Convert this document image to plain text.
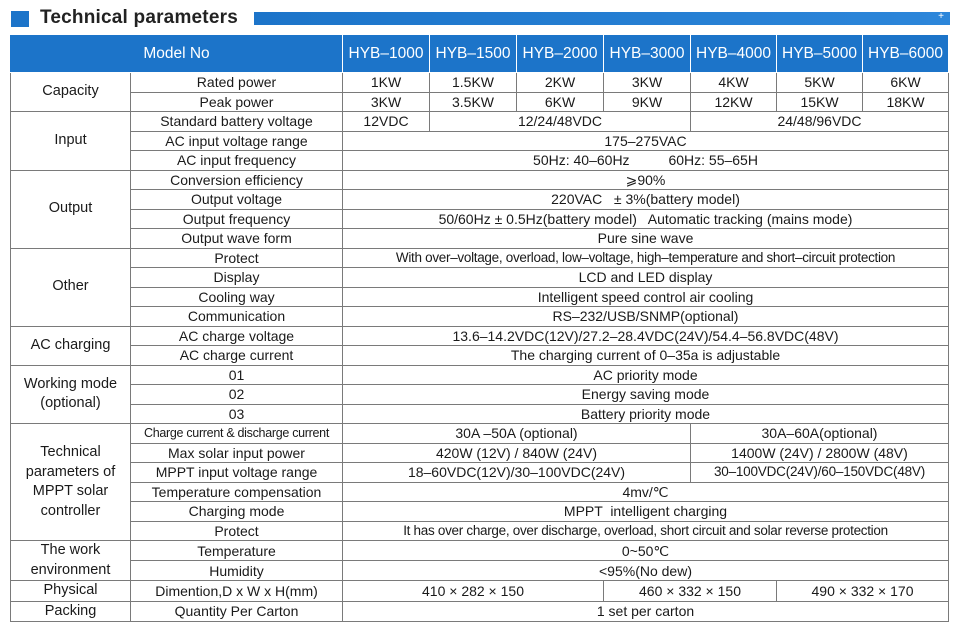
Technical parameters	+
Model No		HYB–1000	HYB–1500	HYB–2000	HYB–3000	HYB–4000	HYB–5000	HYB–6000
Capacity	Rated power	1KW	1.5KW	2KW	3KW	4KW	5KW	6KW
	Peak power	3KW	3.5KW	6KW	9KW	12KW	15KW	18KW
Input	Standard battery voltage	12VDC	12/24/48VDC			24/48/96VDC		
	AC input voltage range	175–275VAC						
	AC input frequency	50Hz: 40–60Hz          60Hz: 55–65H						
Output	Conversion efficiency	⩾90%						
	Output voltage	220VAC   ± 3%(battery model)						
	Output frequency	50/60Hz ± 0.5Hz(battery model)   Automatic tracking (mains mode)						
	Output wave form	Pure sine wave						
Other	Protect	With over–voltage, overload, low–voltage, high–temperature and short–circuit protection						
	Display	LCD and LED display						
	Cooling way	Intelligent speed control air cooling						
	Communication	RS–232/USB/SNMP(optional)						
AC charging	AC charge voltage	13.6–14.2VDC(12V)/27.2–28.4VDC(24V)/54.4–56.8VDC(48V)						
	AC charge current	The charging current of 0–35a is adjustable						
Working mode (optional)	01	AC priority mode						
	02	Energy saving mode						
	03	Battery priority mode						
Technical parameters of MPPT solar controller	Charge current & discharge current	30A –50A (optional)				30A–60A(optional)		
	Max solar input power	420W (12V) / 840W (24V)				1400W (24V) / 2800W (48V)		
	MPPT input voltage range	18–60VDC(12V)/30–100VDC(24V)				30–100VDC(24V)/60–150VDC(48V)		
	Temperature compensation	4mv/℃						
	Charging mode	MPPT  intelligent charging						
	Protect	It has over charge, over discharge, overload, short circuit and solar reverse protection						
The work environment	Temperature	0~50℃						
	Humidity	<95%(No dew)						
Physical	Dimention,D x W x H(mm)	410 × 282 × 150			460 × 332 × 150		490 × 332 × 170	
Packing	Quantity Per Carton	1 set per carton						
